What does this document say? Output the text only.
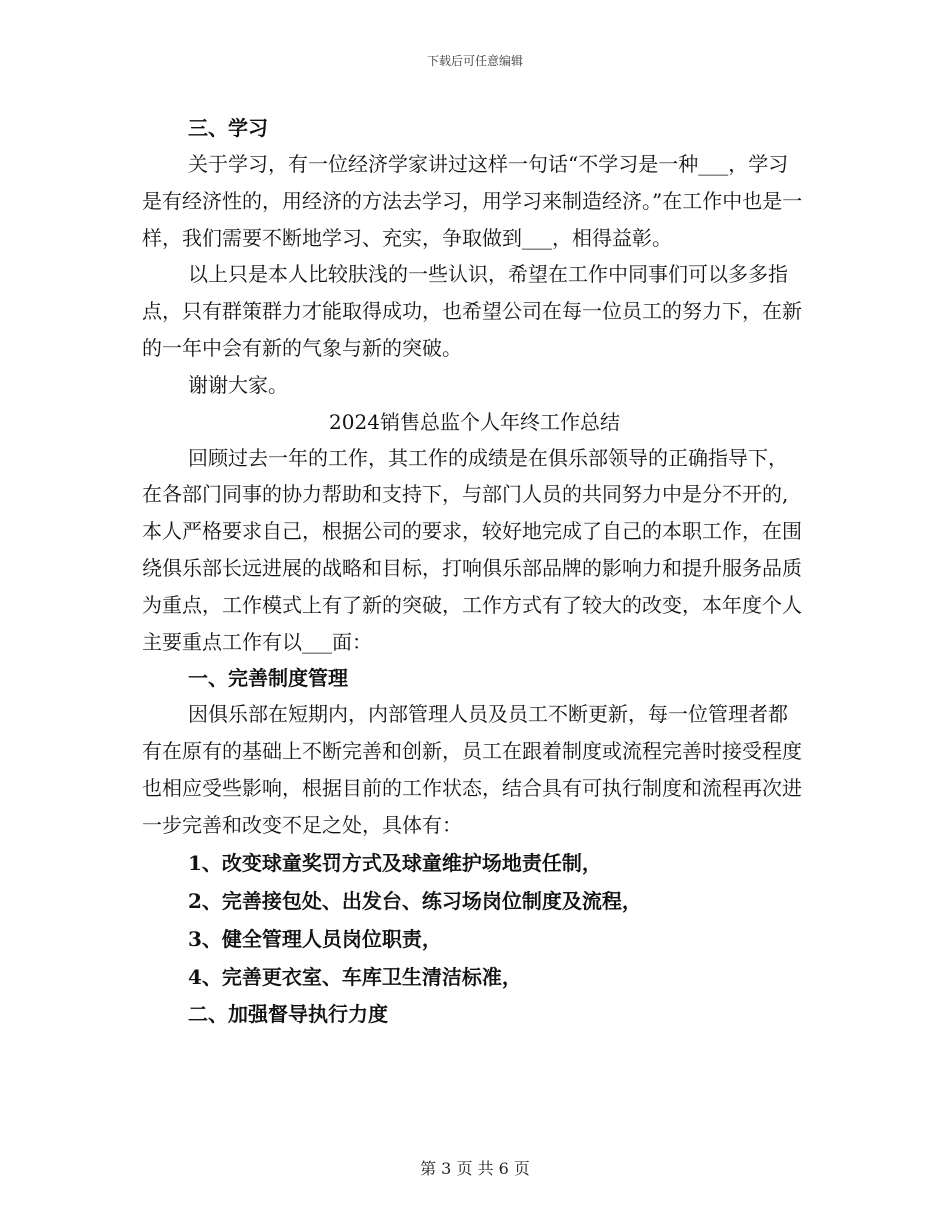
下载后可任意编辑
三、学习

关于学习，有一位经济学家讲过这样一句话“不学习是一种___，学习是有经济性的，用经济的方法去学习，用学习来制造经济。”在工作中也是一样，我们需要不断地学习、充实，争取做到___，相得益彰。

以上只是本人比较肤浅的一些认识，希望在工作中同事们可以多多指点，只有群策群力才能取得成功，也希望公司在每一位员工的努力下，在新的一年中会有新的气象与新的突破。

谢谢大家。

2024销售总监个人年终工作总结

回顾过去一年的工作，其工作的成绩是在俱乐部领导的正确指导下，在各部门同事的协力帮助和支持下，与部门人员的共同努力中是分不开的,本人严格要求自己，根据公司的要求，较好地完成了自己的本职工作，在围绕俱乐部长远进展的战略和目标，打响俱乐部品牌的影响力和提升服务品质为重点，工作模式上有了新的突破，工作方式有了较大的改变，本年度个人主要重点工作有以___面：

一、完善制度管理

因俱乐部在短期内，内部管理人员及员工不断更新，每一位管理者都有在原有的基础上不断完善和创新，员工在跟着制度或流程完善时接受程度也相应受些影响，根据目前的工作状态，结合具有可执行制度和流程再次进一步完善和改变不足之处，具体有：

1、改变球童奖罚方式及球童维护场地责任制，
2、完善接包处、出发台、练习场岗位制度及流程，
3、健全管理人员岗位职责，
4、完善更衣室、车库卫生清洁标准，
二、加强督导执行力度
第 3 页 共 6 页
